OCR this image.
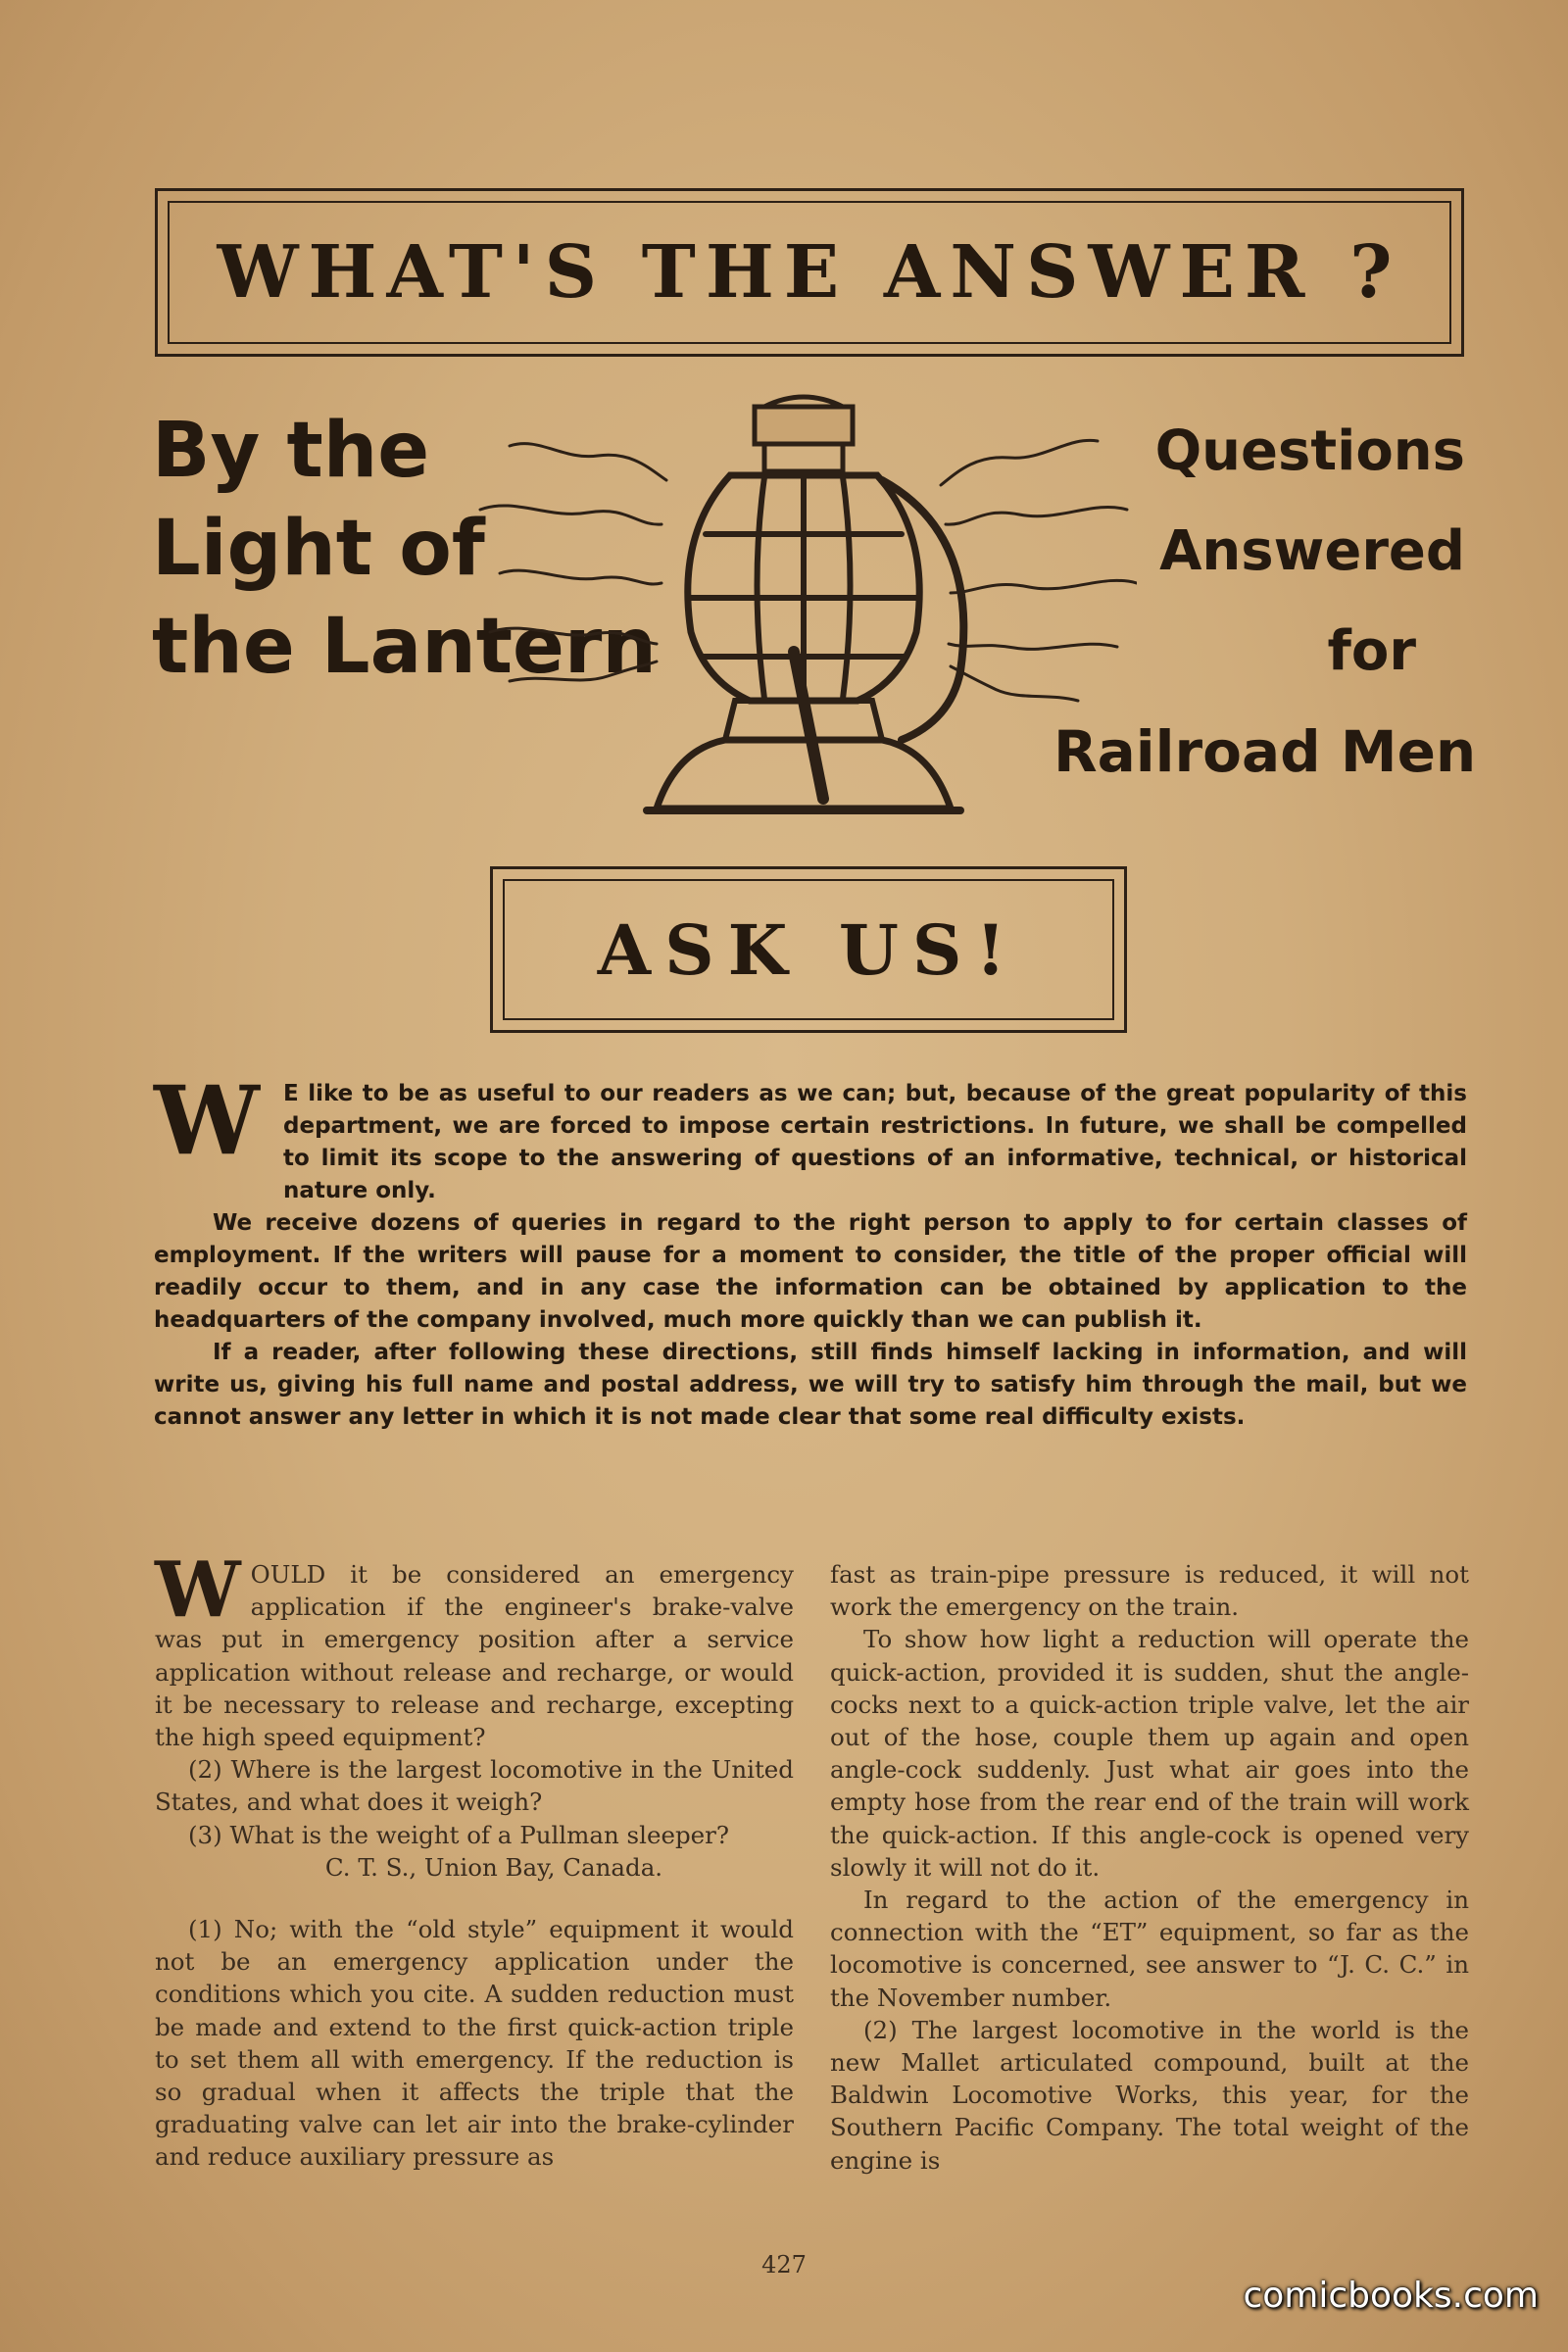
WHAT'S THE ANSWER ?
By the
Light of
the Lantern
Questions
Answered
for
Railroad Men
ASK US!

W E like to be as useful to our readers as we can; but, because of the great popularity of this department, we are forced to impose certain restrictions. In future, we shall be compelled to limit its scope to the answering of questions of an informative, technical, or historical nature only.

We receive dozens of queries in regard to the right person to apply to for certain classes of employment. If the writers will pause for a moment to consider, the title of the proper official will readily occur to them, and in any case the information can be obtained by application to the headquarters of the company involved, much more quickly than we can publish it.

If a reader, after following these directions, still finds himself lacking in information, and will write us, giving his full name and postal address, we will try to satisfy him through the mail, but we cannot answer any letter in which it is not made clear that some real difficulty exists.

WOULD it be considered an emergency application if the engineer's brake-valve was put in emergency position after a service application without release and recharge, or would it be necessary to release and recharge, excepting the high speed equipment?

(2) Where is the largest locomotive in the United States, and what does it weigh?

(3) What is the weight of a Pullman sleeper?

C. T. S., Union Bay, Canada.

(1) No; with the “old style” equipment it would not be an emergency application under the conditions which you cite. A sudden reduction must be made and extend to the first quick-action triple to set them all with emergency. If the reduction is so gradual when it affects the triple that the graduating valve can let air into the brake-cylinder and reduce auxiliary pressure as

fast as train-pipe pressure is reduced, it will not work the emergency on the train.

To show how light a reduction will operate the quick-action, provided it is sudden, shut the angle-cocks next to a quick-action triple valve, let the air out of the hose, couple them up again and open angle-cock suddenly. Just what air goes into the empty hose from the rear end of the train will work the quick-action. If this angle-cock is opened very slowly it will not do it.

In regard to the action of the emergency in connection with the “ET” equipment, so far as the locomotive is concerned, see answer to “J. C. C.” in the November number.

(2) The largest locomotive in the world is the new Mallet articulated compound, built at the Baldwin Locomotive Works, this year, for the Southern Pacific Company. The total weight of the engine is

427
comicbooks.com
